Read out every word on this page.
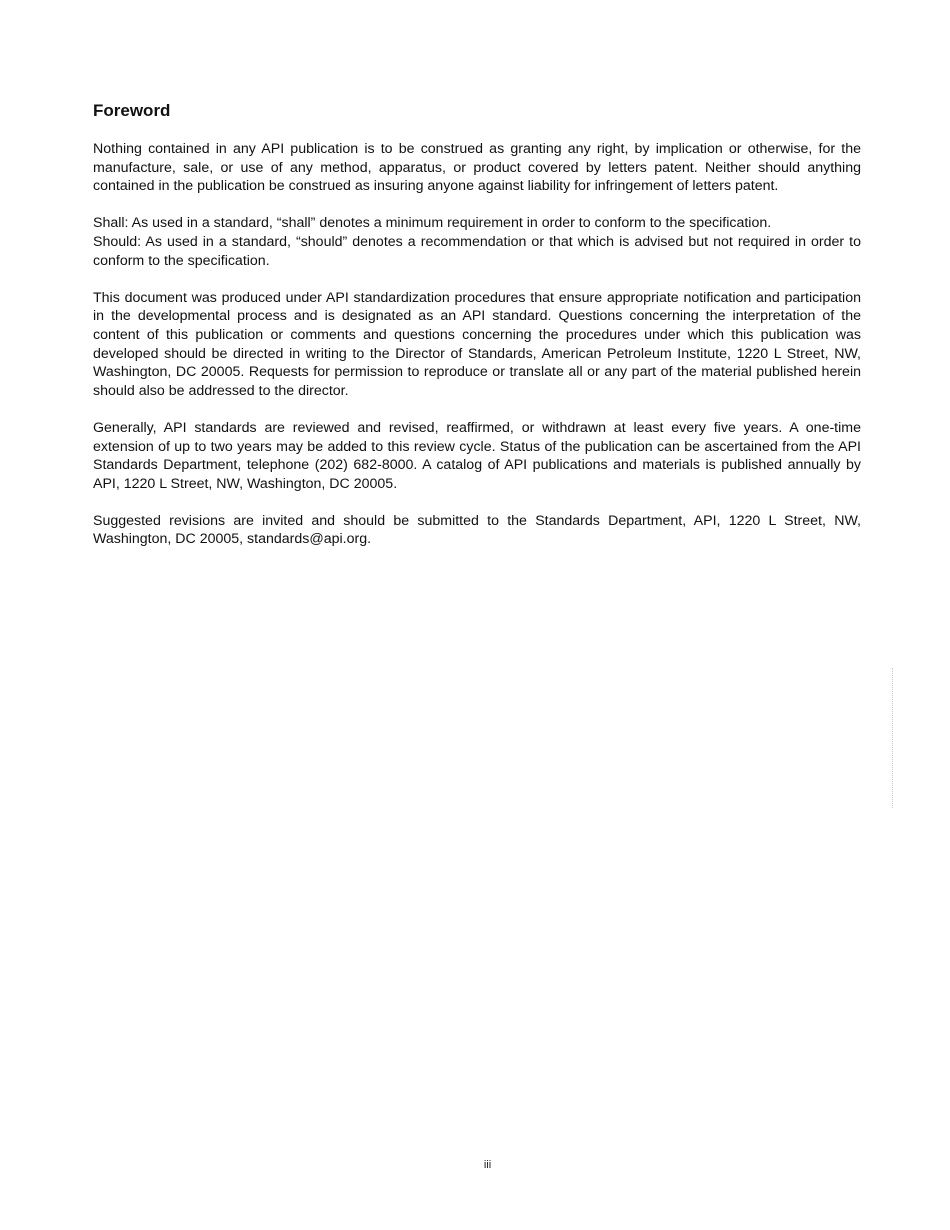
Foreword

Nothing contained in any API publication is to be construed as granting any right, by implication or otherwise, for the manufacture, sale, or use of any method, apparatus, or product covered by letters patent. Neither should anything contained in the publication be construed as insuring anyone against liability for infringement of letters patent.

Shall: As used in a standard, “shall” denotes a minimum requirement in order to conform to the specification.
Should: As used in a standard, “should” denotes a recommendation or that which is advised but not required in order to conform to the specification.

This document was produced under API standardization procedures that ensure appropriate notification and participation in the developmental process and is designated as an API standard. Questions concerning the interpretation of the content of this publication or comments and questions concerning the procedures under which this publication was developed should be directed in writing to the Director of Standards, American Petroleum Institute, 1220 L Street, NW, Washington, DC 20005. Requests for permission to reproduce or translate all or any part of the material published herein should also be addressed to the director.

Generally, API standards are reviewed and revised, reaffirmed, or withdrawn at least every five years. A one-time extension of up to two years may be added to this review cycle. Status of the publication can be ascertained from the API Standards Department, telephone (202) 682-8000. A catalog of API publications and materials is published annually by API, 1220 L Street, NW, Washington, DC 20005.

Suggested revisions are invited and should be submitted to the Standards Department, API, 1220 L Street, NW, Washington, DC 20005, standards@api.org.

iii
